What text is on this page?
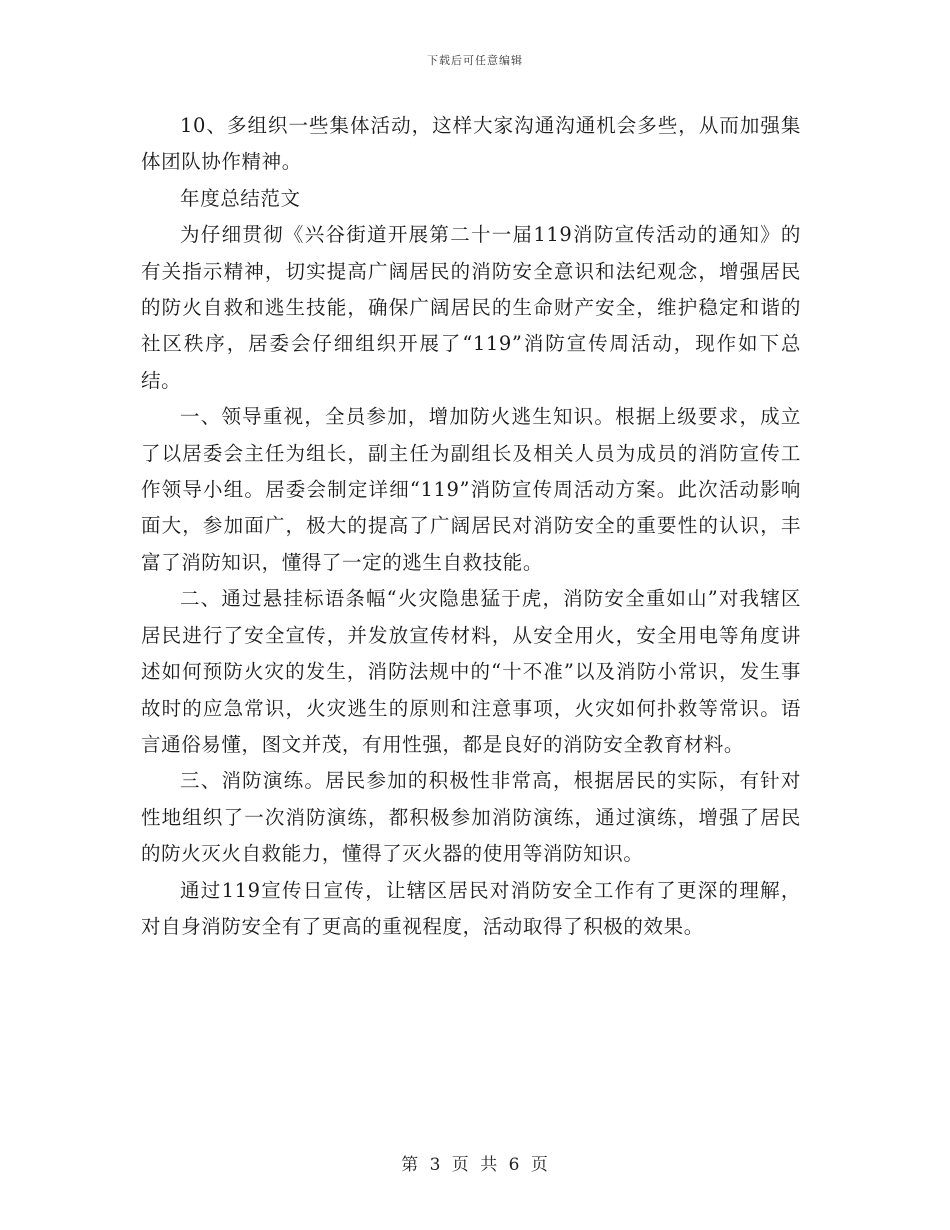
下载后可任意编辑

10、多组织一些集体活动，这样大家沟通沟通机会多些，从而加强集体团队协作精神。

年度总结范文

为仔细贯彻《兴谷街道开展第二十一届119消防宣传活动的通知》的有关指示精神，切实提高广阔居民的消防安全意识和法纪观念，增强居民的防火自救和逃生技能，确保广阔居民的生命财产安全，维护稳定和谐的社区秩序，居委会仔细组织开展了“119”消防宣传周活动，现作如下总结。

一、领导重视，全员参加，增加防火逃生知识。根据上级要求，成立了以居委会主任为组长，副主任为副组长及相关人员为成员的消防宣传工作领导小组。居委会制定详细“119”消防宣传周活动方案。此次活动影响面大，参加面广，极大的提高了广阔居民对消防安全的重要性的认识，丰富了消防知识，懂得了一定的逃生自救技能。

二、通过悬挂标语条幅“火灾隐患猛于虎，消防安全重如山”对我辖区居民进行了安全宣传，并发放宣传材料，从安全用火，安全用电等角度讲述如何预防火灾的发生，消防法规中的“十不准”以及消防小常识，发生事故时的应急常识，火灾逃生的原则和注意事项，火灾如何扑救等常识。语言通俗易懂，图文并茂，有用性强，都是良好的消防安全教育材料。

三、消防演练。居民参加的积极性非常高，根据居民的实际，有针对性地组织了一次消防演练，都积极参加消防演练，通过演练，增强了居民的防火灭火自救能力，懂得了灭火器的使用等消防知识。

通过119宣传日宣传，让辖区居民对消防安全工作有了更深的理解，对自身消防安全有了更高的重视程度，活动取得了积极的效果。

第 3 页 共 6 页
